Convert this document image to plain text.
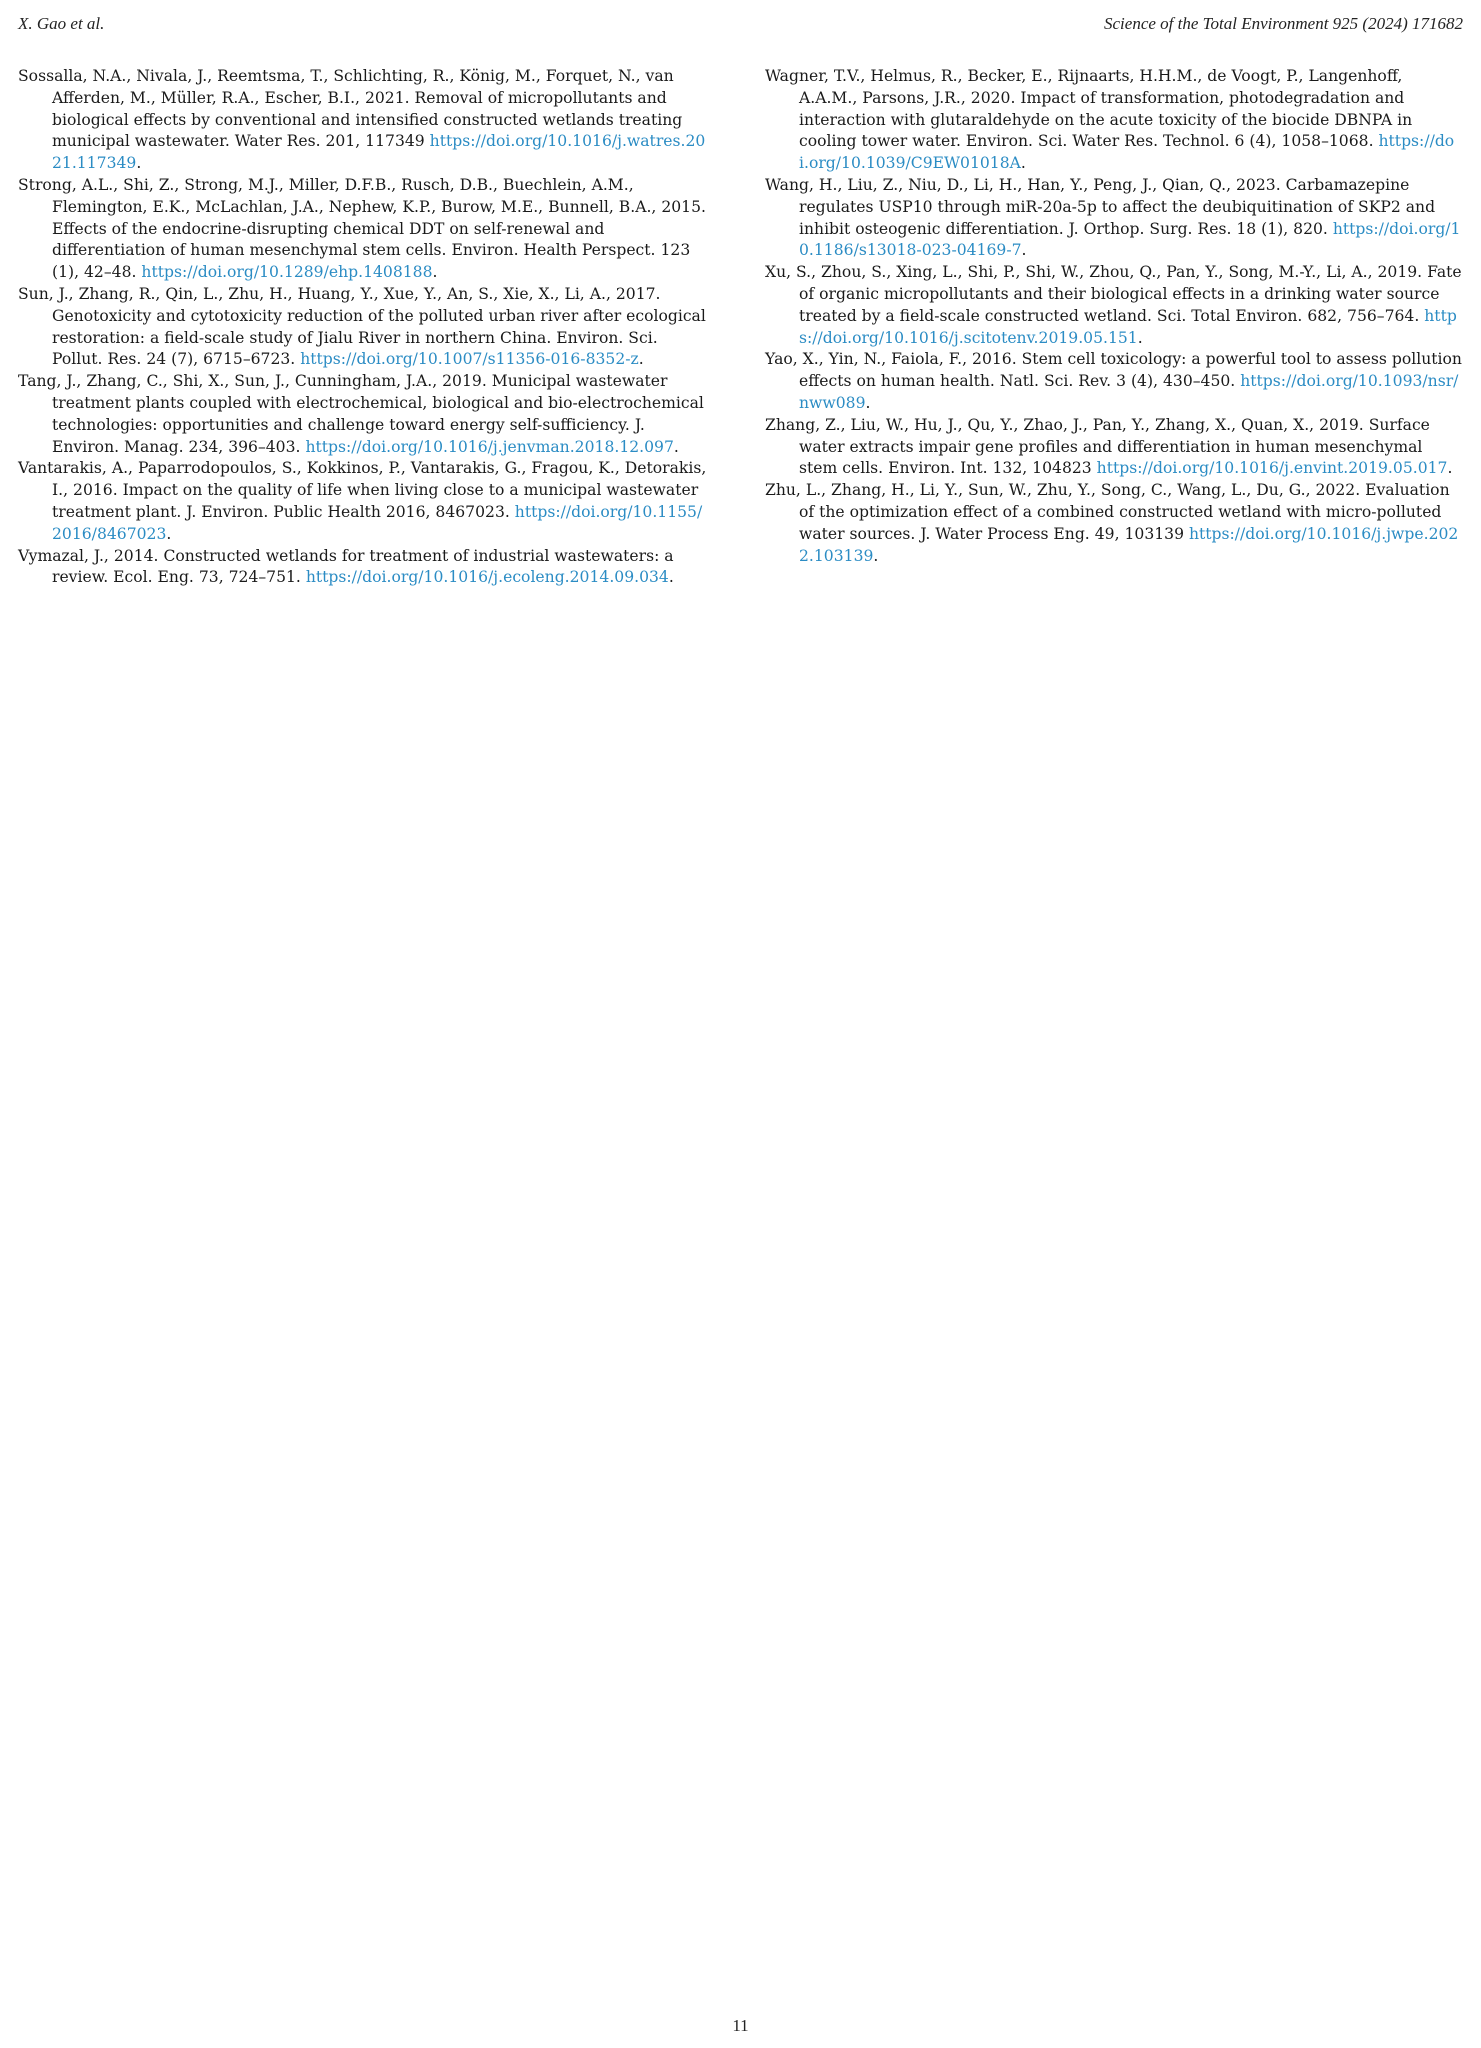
X. Gao et al.	Science of the Total Environment 925 (2024) 171682

Sossalla, N.A., Nivala, J., Reemtsma, T., Schlichting, R., König, M., Forquet, N., van Afferden, M., Müller, R.A., Escher, B.I., 2021. Removal of micropollutants and biological effects by conventional and intensified constructed wetlands treating municipal wastewater. Water Res. 201, 117349 https://doi.org/10.1016/j.watres.2021.117349.

Strong, A.L., Shi, Z., Strong, M.J., Miller, D.F.B., Rusch, D.B., Buechlein, A.M., Flemington, E.K., McLachlan, J.A., Nephew, K.P., Burow, M.E., Bunnell, B.A., 2015. Effects of the endocrine-disrupting chemical DDT on self-renewal and differentiation of human mesenchymal stem cells. Environ. Health Perspect. 123 (1), 42–48. https://doi.org/10.1289/ehp.1408188.

Sun, J., Zhang, R., Qin, L., Zhu, H., Huang, Y., Xue, Y., An, S., Xie, X., Li, A., 2017. Genotoxicity and cytotoxicity reduction of the polluted urban river after ecological restoration: a field-scale study of Jialu River in northern China. Environ. Sci. Pollut. Res. 24 (7), 6715–6723. https://doi.org/10.1007/s11356-016-8352-z.

Tang, J., Zhang, C., Shi, X., Sun, J., Cunningham, J.A., 2019. Municipal wastewater treatment plants coupled with electrochemical, biological and bio-electrochemical technologies: opportunities and challenge toward energy self-sufficiency. J. Environ. Manag. 234, 396–403. https://doi.org/10.1016/j.jenvman.2018.12.097.

Vantarakis, A., Paparrodopoulos, S., Kokkinos, P., Vantarakis, G., Fragou, K., Detorakis, I., 2016. Impact on the quality of life when living close to a municipal wastewater treatment plant. J. Environ. Public Health 2016, 8467023. https://doi.org/10.1155/2016/8467023.

Vymazal, J., 2014. Constructed wetlands for treatment of industrial wastewaters: a review. Ecol. Eng. 73, 724–751. https://doi.org/10.1016/j.ecoleng.2014.09.034.

Wagner, T.V., Helmus, R., Becker, E., Rijnaarts, H.H.M., de Voogt, P., Langenhoff, A.A.M., Parsons, J.R., 2020. Impact of transformation, photodegradation and interaction with glutaraldehyde on the acute toxicity of the biocide DBNPA in cooling tower water. Environ. Sci. Water Res. Technol. 6 (4), 1058–1068. https://doi.org/10.1039/C9EW01018A.

Wang, H., Liu, Z., Niu, D., Li, H., Han, Y., Peng, J., Qian, Q., 2023. Carbamazepine regulates USP10 through miR-20a-5p to affect the deubiquitination of SKP2 and inhibit osteogenic differentiation. J. Orthop. Surg. Res. 18 (1), 820. https://doi.org/10.1186/s13018-023-04169-7.

Xu, S., Zhou, S., Xing, L., Shi, P., Shi, W., Zhou, Q., Pan, Y., Song, M.-Y., Li, A., 2019. Fate of organic micropollutants and their biological effects in a drinking water source treated by a field-scale constructed wetland. Sci. Total Environ. 682, 756–764. https://doi.org/10.1016/j.scitotenv.2019.05.151.

Yao, X., Yin, N., Faiola, F., 2016. Stem cell toxicology: a powerful tool to assess pollution effects on human health. Natl. Sci. Rev. 3 (4), 430–450. https://doi.org/10.1093/nsr/nww089.

Zhang, Z., Liu, W., Hu, J., Qu, Y., Zhao, J., Pan, Y., Zhang, X., Quan, X., 2019. Surface water extracts impair gene profiles and differentiation in human mesenchymal stem cells. Environ. Int. 132, 104823 https://doi.org/10.1016/j.envint.2019.05.017.

Zhu, L., Zhang, H., Li, Y., Sun, W., Zhu, Y., Song, C., Wang, L., Du, G., 2022. Evaluation of the optimization effect of a combined constructed wetland with micro-polluted water sources. J. Water Process Eng. 49, 103139 https://doi.org/10.1016/j.jwpe.2022.103139.

11
